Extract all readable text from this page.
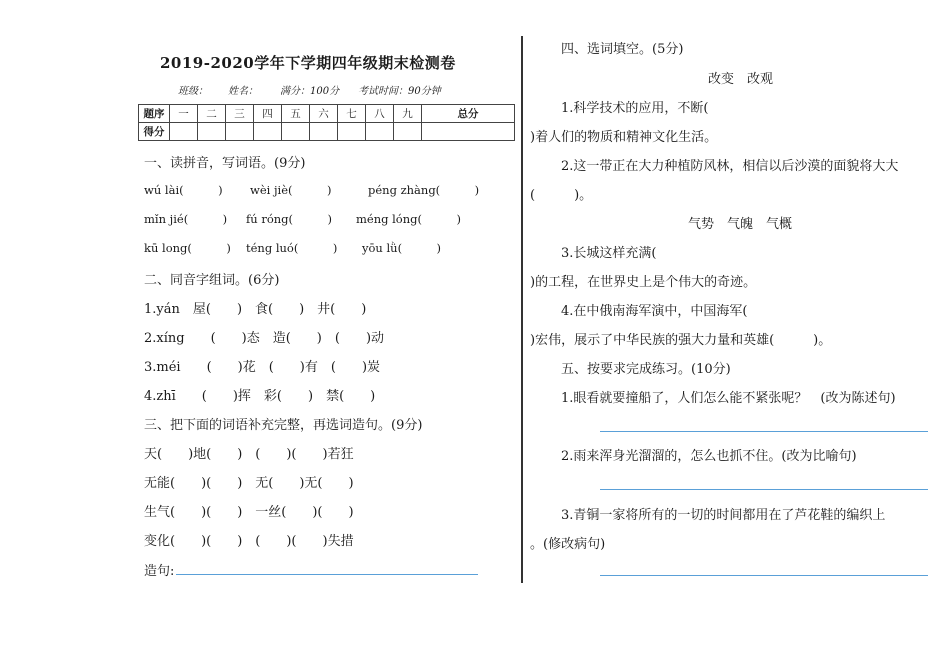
2019-2020学年下学期四年级期末检测卷
班级： 姓名： 满分：100分 考试时间：90分钟
题序	一	二	三	四	五	六	七	八	九	总分
得分										
一、读拼音，写词语。(9分)
wú lài(　　　) wèi jiè(　　　)	péng zhàng(　　　)
mǐn jié(　　　) fú róng(　　　) méng lóng(　　　)
kū long(　　　) téng luó(　　　) yōu lǜ(　　　)
二、同音字组词。(6分)
1.yán　屋(　　)　食(　　)　井(　　)
2.xíng　　(　　)态　造(　　)　(　　)动
3.méi　　(　　)花　(　　)有　(　　)炭
4.zhī　　(　　)挥　彩(　　)　禁(　　)
三、把下面的词语补充完整，再选词造句。(9分)
天(　　)地(　　)　(　　)(　　)若狂
无能(　　)(　　)　无(　　)无(　　)
生气(　　)(　　)　一丝(　　)(　　)
变化(　　)(　　)　(　　)(　　)失措
造句:
四、选词填空。(5分)
改变　改观
1.科学技术的应用，不断(
)着人们的物质和精神文化生活。
2.这一带正在大力种植防风林，相信以后沙漠的面貌将大大
(　　　)。
气势　气魄　气概
3.长城这样充满(
)的工程，在世界史上是个伟大的奇迹。
4.在中俄南海军演中，中国海军(
)宏伟，展示了中华民族的强大力量和英雄(　　　)。
五、按要求完成练习。(10分)
1.眼看就要撞船了，人们怎么能不紧张呢？　(改为陈述句)
2.雨来浑身光溜溜的，怎么也抓不住。(改为比喻句)
3.青铜一家将所有的一切的时间都用在了芦花鞋的编织上
。(修改病句)
